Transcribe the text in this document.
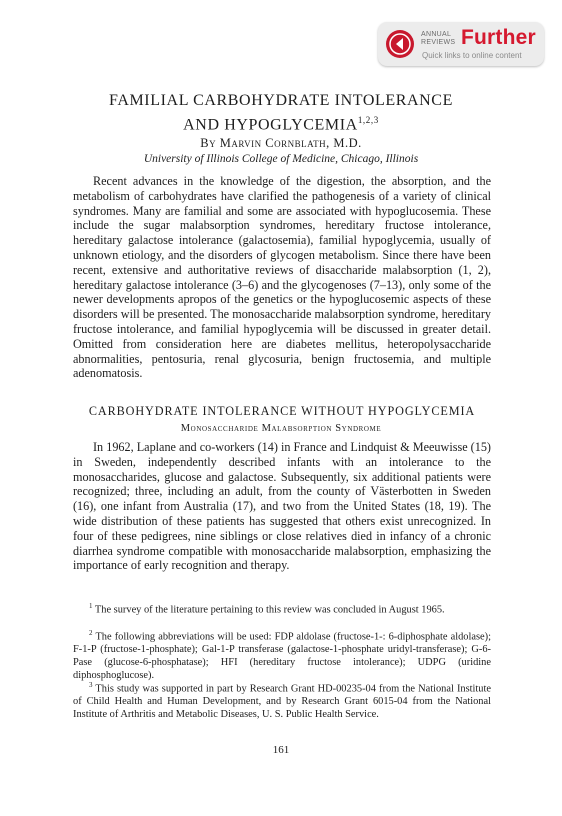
ANNUAL
REVIEWS Further
Quick links to online content
FAMILIAL CARBOHYDRATE INTOLERANCE
AND HYPOGLYCEMIA$^{1,2,3}$
By Marvin Cornblath, M.D.
University of Illinois College of Medicine, Chicago, Illinois

Recent advances in the knowledge of the digestion, the absorption, and the metabolism of carbohydrates have clarified the pathogenesis of a variety of clinical syndromes. Many are familial and some are associated with hypoglucosemia. These include the sugar malabsorption syndromes, hereditary fructose intolerance, hereditary galactose intolerance (galactosemia), familial hypoglycemia, usually of unknown etiology, and the disorders of glycogen metabolism. Since there have been recent, extensive and authoritative reviews of disaccharide malabsorption (1, 2), hereditary galactose intolerance (3–6) and the glycogenoses (7–13), only some of the newer developments apropos of the genetics or the hypoglucosemic aspects of these disorders will be presented. The monosaccharide malabsorption syndrome, hereditary fructose intolerance, and familial hypoglycemia will be discussed in greater detail. Omitted from consideration here are diabetes mellitus, heteropolysaccharide abnormalities, pentosuria, renal glycosuria, benign fructosemia, and multiple adenomatosis.

CARBOHYDRATE INTOLERANCE WITHOUT HYPOGLYCEMIA
Monosaccharide Malabsorption Syndrome

In 1962, Laplane and co-workers (14) in France and Lindquist & Meeuwisse (15) in Sweden, independently described infants with an intolerance to the monosaccharides, glucose and galactose. Subsequently, six additional patients were recognized; three, including an adult, from the county of Västerbotten in Sweden (16), one infant from Australia (17), and two from the United States (18, 19). The wide distribution of these patients has suggested that others exist unrecognized. In four of these pedigrees, nine siblings or close relatives died in infancy of a chronic diarrhea syndrome compatible with monosaccharide malabsorption, emphasizing the importance of early recognition and therapy.

$^1$ The survey of the literature pertaining to this review was concluded in August 1965.

$^2$ The following abbreviations will be used: FDP aldolase (fructose-1-: 6-diphosphate aldolase); F-1-P (fructose-1-phosphate); Gal-1-P transferase (galactose-1-phosphate uridyl-transferase); G-6-Pase (glucose-6-phosphatase); HFI (hereditary fructose intolerance); UDPG (uridine diphosphoglucose).

$^3$ This study was supported in part by Research Grant HD-00235-04 from the National Institute of Child Health and Human Development, and by Research Grant 6015-04 from the National Institute of Arthritis and Metabolic Diseases, U. S. Public Health Service.

161
